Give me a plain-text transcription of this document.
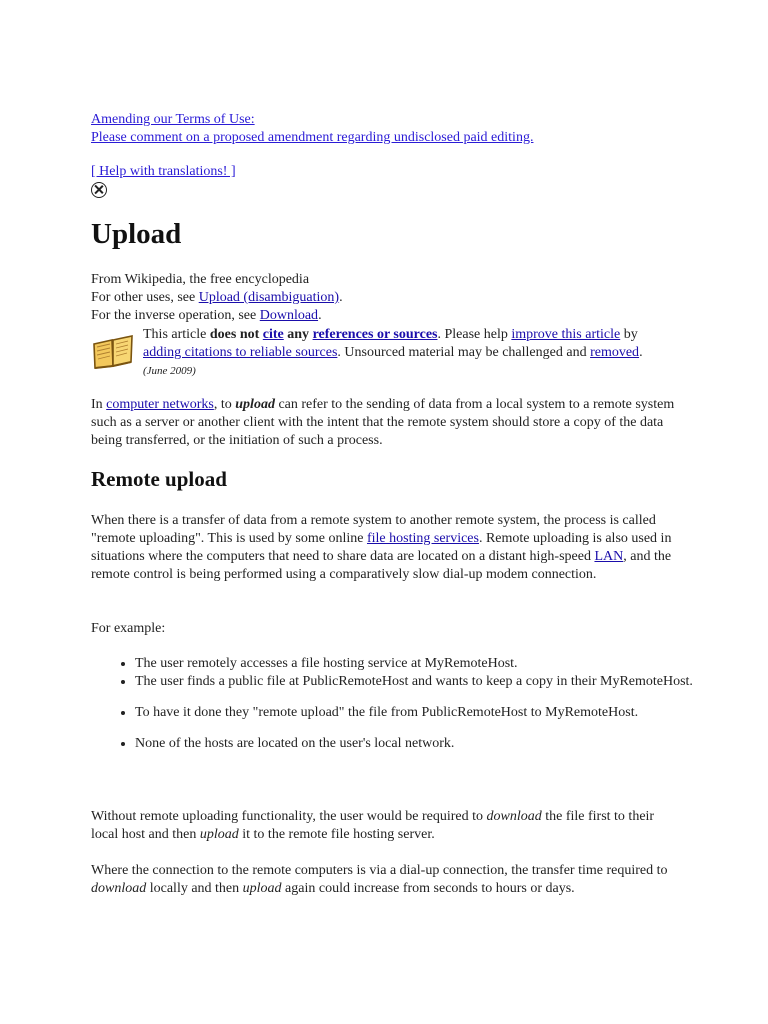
Amending our Terms of Use:
Please comment on a proposed amendment regarding undisclosed paid editing.
[ Help with translations! ]
Upload
From Wikipedia, the free encyclopedia
For other uses, see Upload (disambiguation).
For the inverse operation, see Download.
This article does not cite any references or sources. Please help improve this article by
adding citations to reliable sources. Unsourced material may be challenged and removed.
(June 2009)
In computer networks, to upload can refer to the sending of data from a local system to a remote system such as a server or another client with the intent that the remote system should store a copy of the data being transferred, or the initiation of such a process.
Remote upload
When there is a transfer of data from a remote system to another remote system, the process is called "remote uploading". This is used by some online file hosting services. Remote uploading is also used in situations where the computers that need to share data are located on a distant high-speed LAN, and the remote control is being performed using a comparatively slow dial-up modem connection.
For example:
• The user remotely accesses a file hosting service at MyRemoteHost.
• The user finds a public file at PublicRemoteHost and wants to keep a copy in their MyRemoteHost.
• To have it done they "remote upload" the file from PublicRemoteHost to MyRemoteHost.
• None of the hosts are located on the user's local network.
Without remote uploading functionality, the user would be required to download the file first to their local host and then upload it to the remote file hosting server.
Where the connection to the remote computers is via a dial-up connection, the transfer time required to download locally and then upload again could increase from seconds to hours or days.
